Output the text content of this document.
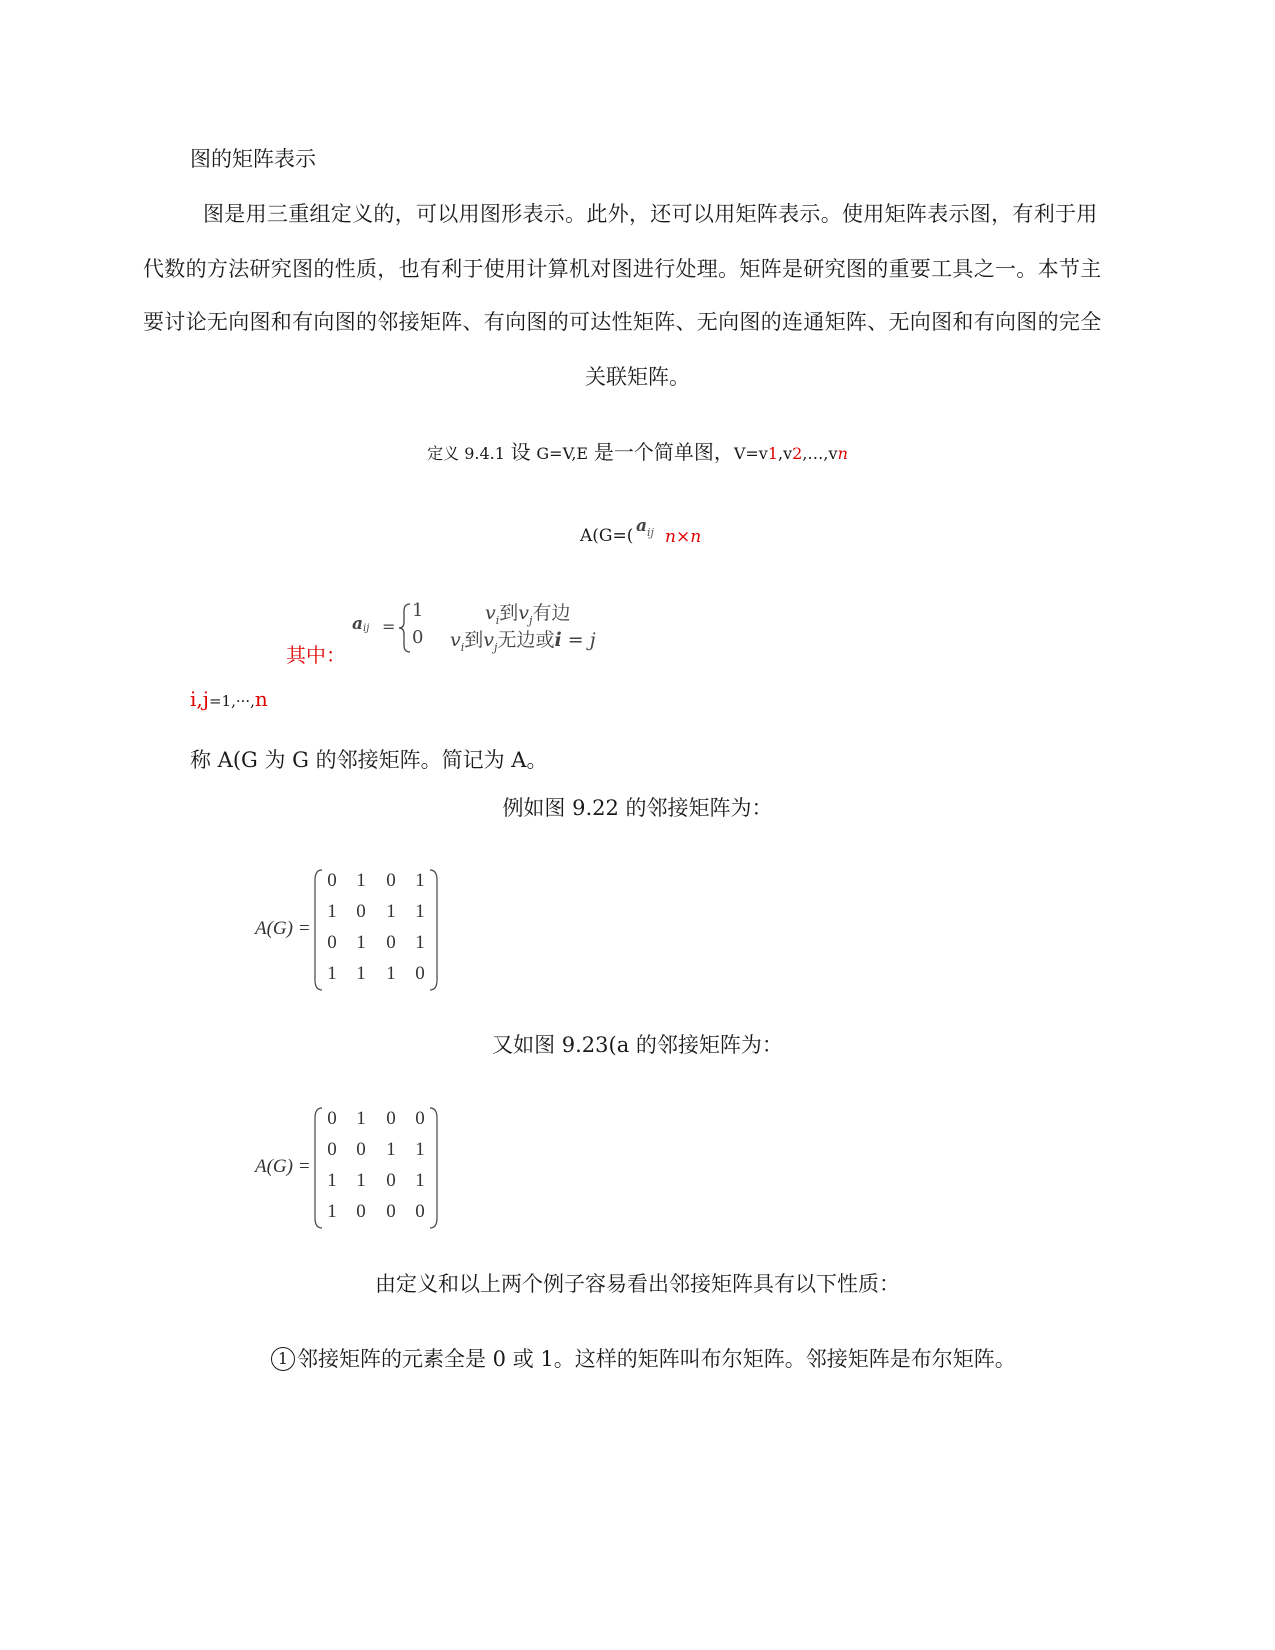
图的矩阵表示
图是用三重组定义的，可以用图形表示。此外，还可以用矩阵表示。使用矩阵表示图，有利于用
代数的方法研究图的性质，也有利于使用计算机对图进行处理。矩阵是研究图的重要工具之一。本节主
要讨论无向图和有向图的邻接矩阵、有向图的可达性矩阵、无向图的连通矩阵、无向图和有向图的完全
关联矩阵。
定义 9.4.1 设 G=V,E 是一个简单图，V=v1,v2,…,vn
A(G=( a ij n×n
其中：
a ij =
1
0
$v_i$到$v_j$有边
$v_i$到$v_j$无边或i = j
i,j=1,···,n
称 A(G 为 G 的邻接矩阵。简记为 A。
例如图 9.22 的邻接矩阵为：
A(G) =
0 1 0 1
1 0 1 1
0 1 0 1
1 1 1 0
又如图 9.23(a 的邻接矩阵为：
A(G) =
0 1 0 0
0 0 1 1
1 1 0 1
1 0 0 0
由定义和以上两个例子容易看出邻接矩阵具有以下性质：
1 邻接矩阵的元素全是 0 或 1。这样的矩阵叫布尔矩阵。邻接矩阵是布尔矩阵。
